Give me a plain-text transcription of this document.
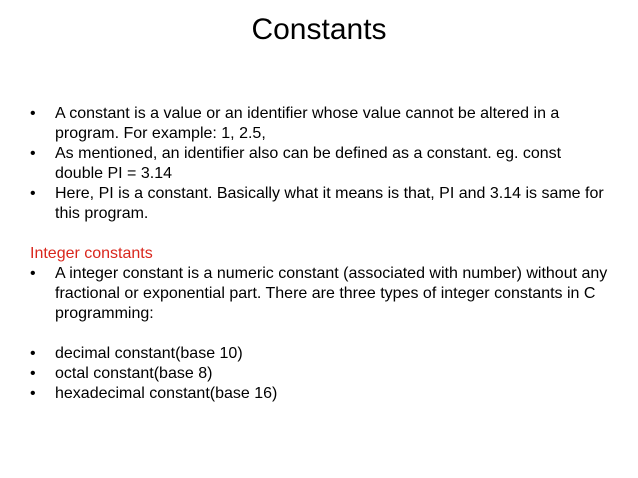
Constants
•	A constant is a value or an identifier whose value cannot be altered in a program. For example: 1, 2.5,
•	As mentioned, an identifier also can be defined as a constant. eg. const double PI = 3.14
•	Here, PI is a constant. Basically what it means is that, PI and 3.14 is same for this program.
Integer constants
•	A integer constant is a numeric constant (associated with number) without any fractional or exponential part. There are three types of integer constants in C programming:
•	decimal constant(base 10)
•	octal constant(base 8)
•	hexadecimal constant(base 16)
